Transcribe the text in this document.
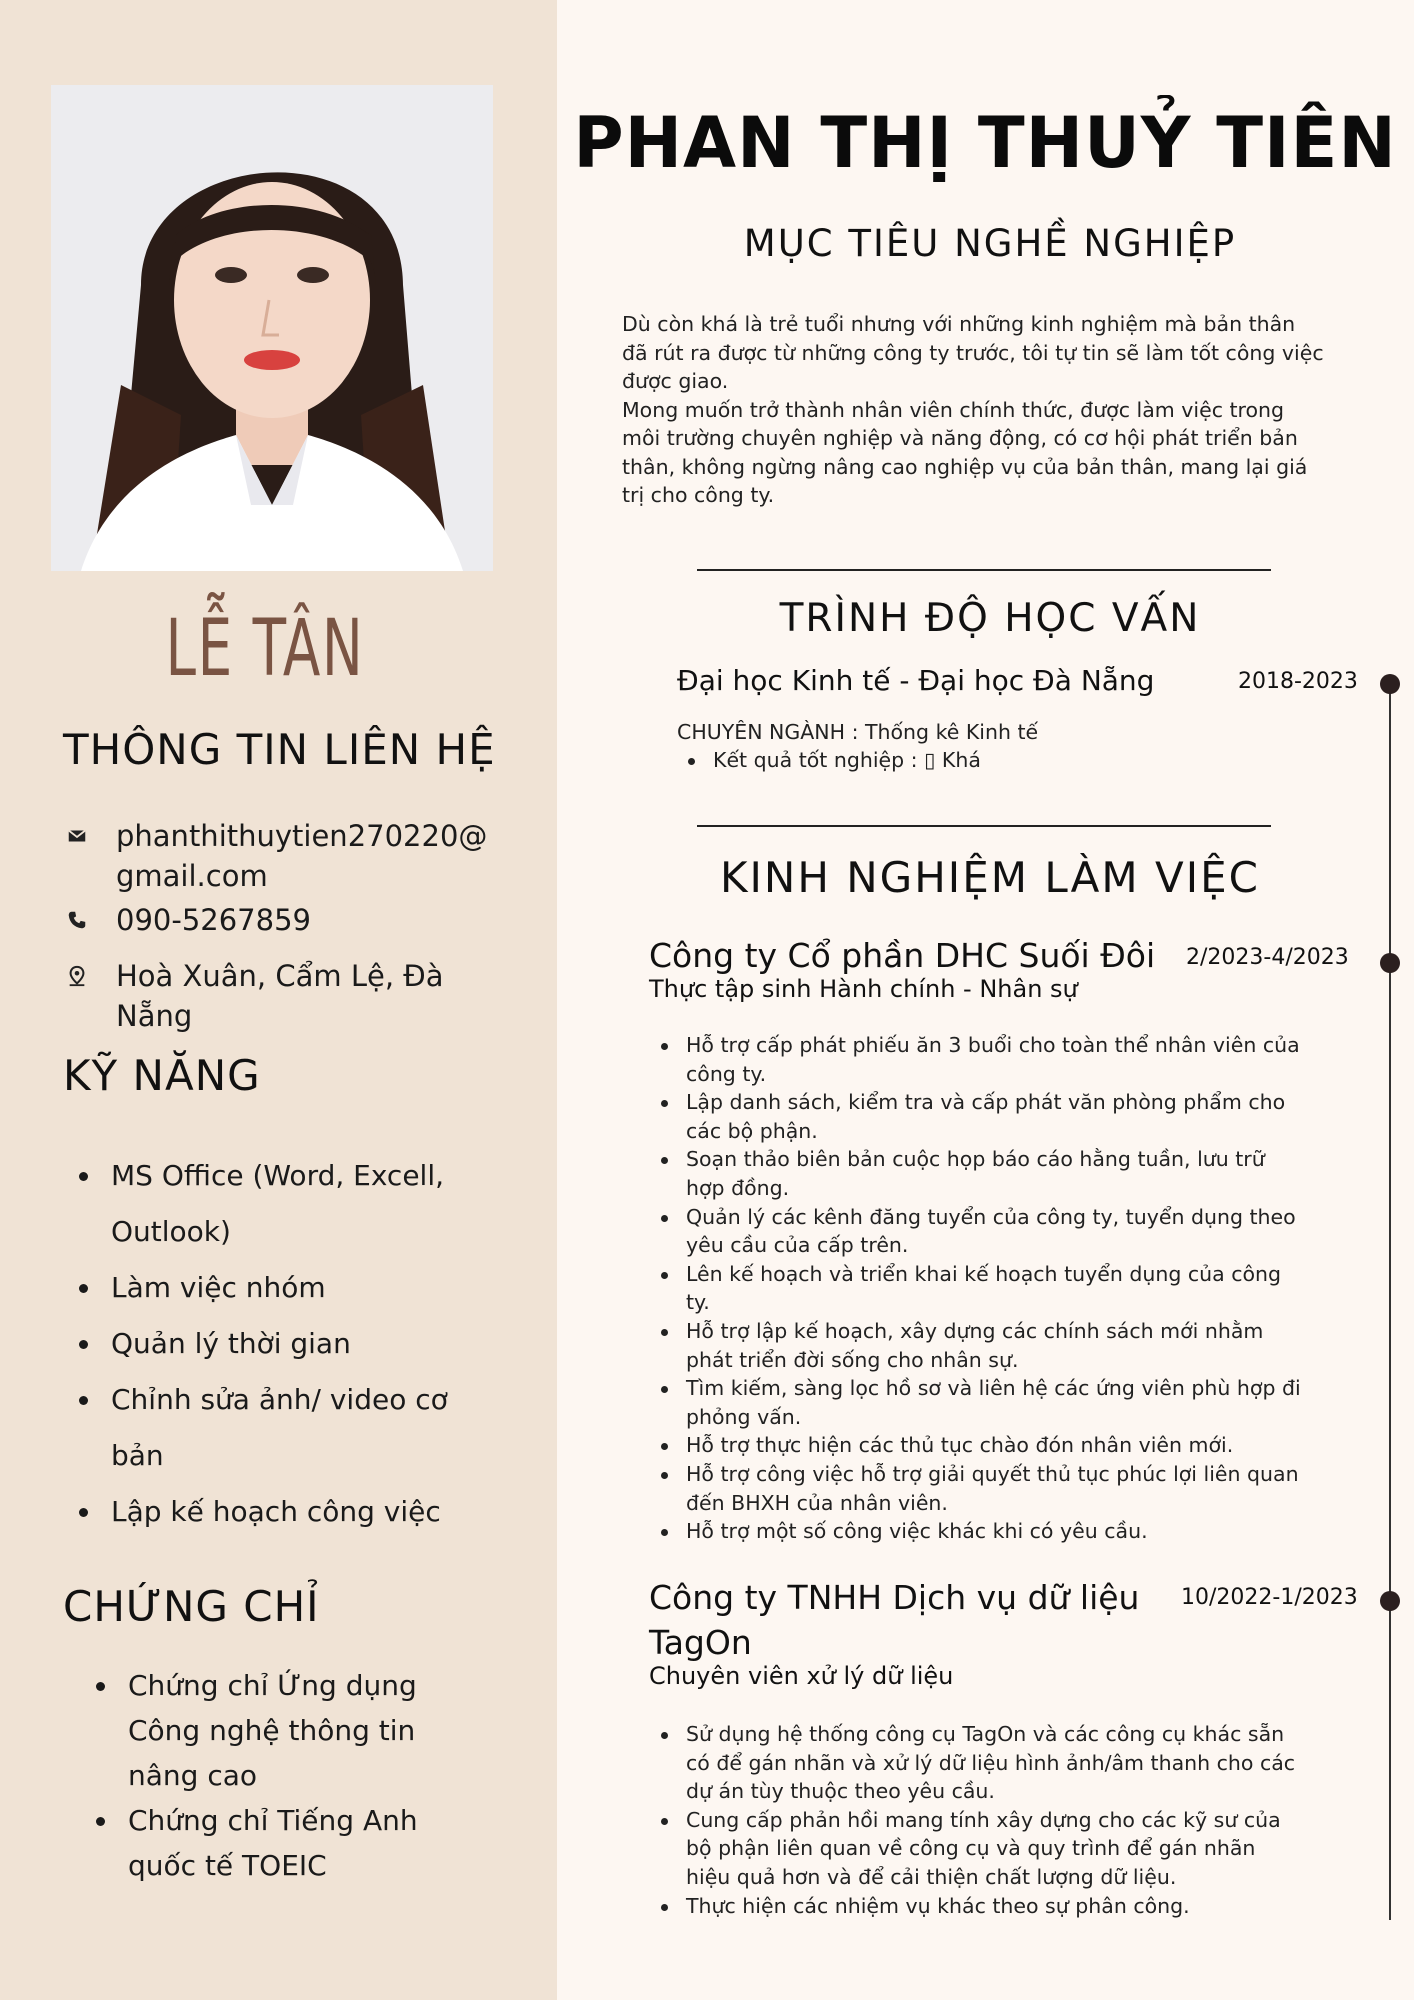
LỄ TÂN
THÔNG TIN LIÊN HỆ
phanthithuytien270220@
gmail.com
090-5267859
Hoà Xuân, Cẩm Lệ, Đà Nẵng
KỸ NĂNG
MS Office (Word, Excell,
Outlook)
Làm việc nhóm
Quản lý thời gian
Chỉnh sửa ảnh/ video cơ
bản
Lập kế hoạch công việc
CHỨNG CHỈ
Chứng chỉ Ứng dụng
Công nghệ thông tin
nâng cao
Chứng chỉ Tiếng Anh
quốc tế TOEIC
PHAN THỊ THUỶ TIÊN
MỤC TIÊU NGHỀ NGHIỆP
Dù còn khá là trẻ tuổi nhưng với những kinh nghiệm mà bản thân
đã rút ra được từ những công ty trước, tôi tự tin sẽ làm tốt công việc
được giao.
Mong muốn trở thành nhân viên chính thức, được làm việc trong
môi trường chuyên nghiệp và năng động, có cơ hội phát triển bản
thân, không ngừng nâng cao nghiệp vụ của bản thân, mang lại giá
trị cho công ty.
TRÌNH ĐỘ HỌC VẤN
Đại học Kinh tế - Đại học Đà Nẵng	2018-2023
CHUYÊN NGÀNH : Thống kê Kinh tế
Kết quả tốt nghiệp : ▯ Khá
KINH NGHIỆM LÀM VIỆC
Công ty Cổ phần DHC Suối Đôi 2/2023-4/2023
Thực tập sinh Hành chính - Nhân sự
Hỗ trợ cấp phát phiếu ăn 3 buổi cho toàn thể nhân viên của
công ty.
Lập danh sách, kiểm tra và cấp phát văn phòng phẩm cho
các bộ phận.
Soạn thảo biên bản cuộc họp báo cáo hằng tuần, lưu trữ
hợp đồng.
Quản lý các kênh đăng tuyển của công ty, tuyển dụng theo
yêu cầu của cấp trên.
Lên kế hoạch và triển khai kế hoạch tuyển dụng của công
ty.
Hỗ trợ lập kế hoạch, xây dựng các chính sách mới nhằm
phát triển đời sống cho nhân sự.
Tìm kiếm, sàng lọc hồ sơ và liên hệ các ứng viên phù hợp đi
phỏng vấn.
Hỗ trợ thực hiện các thủ tục chào đón nhân viên mới.
Hỗ trợ công việc hỗ trợ giải quyết thủ tục phúc lợi liên quan
đến BHXH của nhân viên.
Hỗ trợ một số công việc khác khi có yêu cầu.
Công ty TNHH Dịch vụ dữ liệu
TagOn
10/2022-1/2023
Chuyên viên xử lý dữ liệu
Sử dụng hệ thống công cụ TagOn và các công cụ khác sẵn
có để gán nhãn và xử lý dữ liệu hình ảnh/âm thanh cho các
dự án tùy thuộc theo yêu cầu.
Cung cấp phản hồi mang tính xây dựng cho các kỹ sư của
bộ phận liên quan về công cụ và quy trình để gán nhãn
hiệu quả hơn và để cải thiện chất lượng dữ liệu.
Thực hiện các nhiệm vụ khác theo sự phân công.
